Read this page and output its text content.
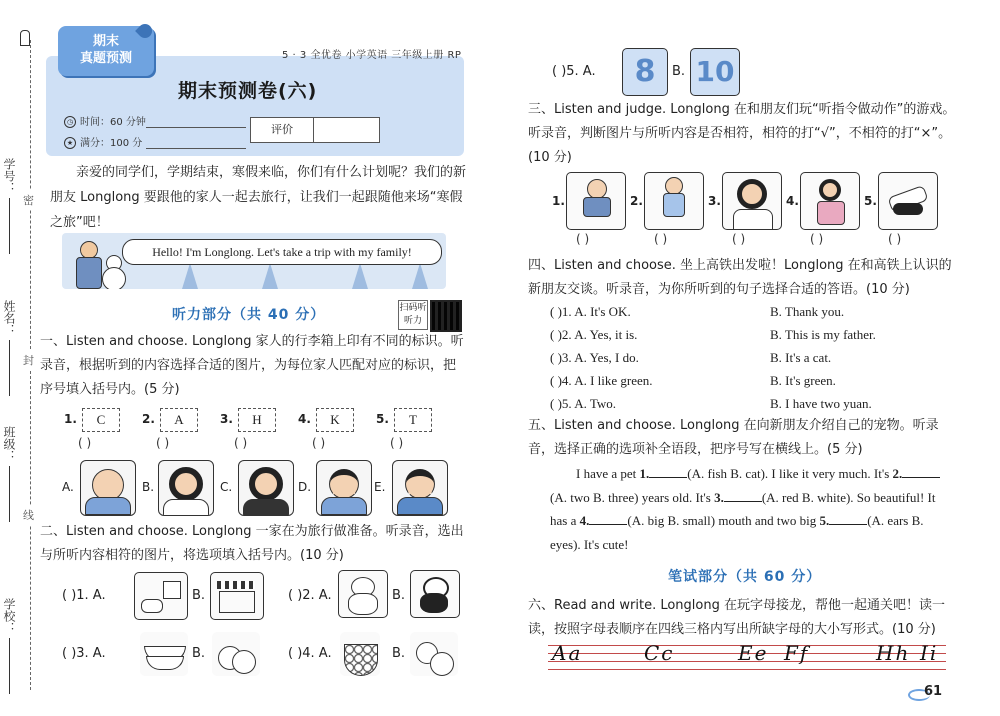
线
封
密
学校：
班级：
姓名：
学号：
期末
真题预测	5 · 3 全优卷 小学英语 三年级上册 RP
期末预测卷(六)
◷ 时间：60 分钟
★ 满分：100 分
评价
亲爱的同学们，学期结束，寒假来临，你们有什么计划呢？我们的新朋友 Longlong 要跟他的家人一起去旅行，让我们一起跟随他来场“寒假之旅”吧！
Hello! I'm Longlong. Let's take a trip with my family!
听力部分（共 40 分）	扫码听听力
一、Listen and choose. Longlong 家人的行李箱上印有不同的标识。听录音，根据听到的内容选择合适的图片，为每位家人匹配对应的标识，把序号填入括号内。(5 分)
1.	C	2.	A	3.	H	4.	K	5.	T
( )	( )	( )	( )	( )
A.	B.	C.	D.	E.
二、Listen and choose. Longlong 一家在为旅行做准备。听录音，选出与所听内容相符的图片，将选项填入括号内。(10 分)
( )1. A.	B.	( )2. A.	B.
( )3. A.	B.	( )4. A.	B.
( )5. A.	8	B. 10
三、Listen and judge. Longlong 在和朋友们玩“听指令做动作”的游戏。听录音，判断图片与所听内容是否相符，相符的打“√”，不相符的打“×”。(10 分)
1.	2.	3.	4.	5.
( )	( )	( )	( )	( )
四、Listen and choose. 坐上高铁出发啦！Longlong 在和高铁上认识的新朋友交谈。听录音，为你所听到的句子选择合适的答语。(10 分)
( )1. A. It's OK.	B. Thank you.
( )2. A. Yes, it is.	B. This is my father.
( )3. A. Yes, I do.	B. It's a cat.
( )4. A. I like green.	B. It's green.
( )5. A. Two.	B. I have two yuan.
五、Listen and choose. Longlong 在向新朋友介绍自己的宠物。听录音，选择正确的选项补全语段，把序号写在横线上。(5 分)
I have a pet 1.	(A. fish B. cat). I like it very much. It's 2.(A. two B. three) years old. It's 3.	(A. red B. white). So beautiful! It has a 4.	(A. big B. small) mouth and two big 5.	(A. ears B. eyes). It's cute!
笔试部分（共 60 分）
六、Read and write. Longlong 在玩字母接龙，帮他一起通关吧！读一读，按照字母表顺序在四线三格内写出所缺字母的大小写形式。(10 分)
Aa	Cc	Ee Ff	Hh Ii
61
